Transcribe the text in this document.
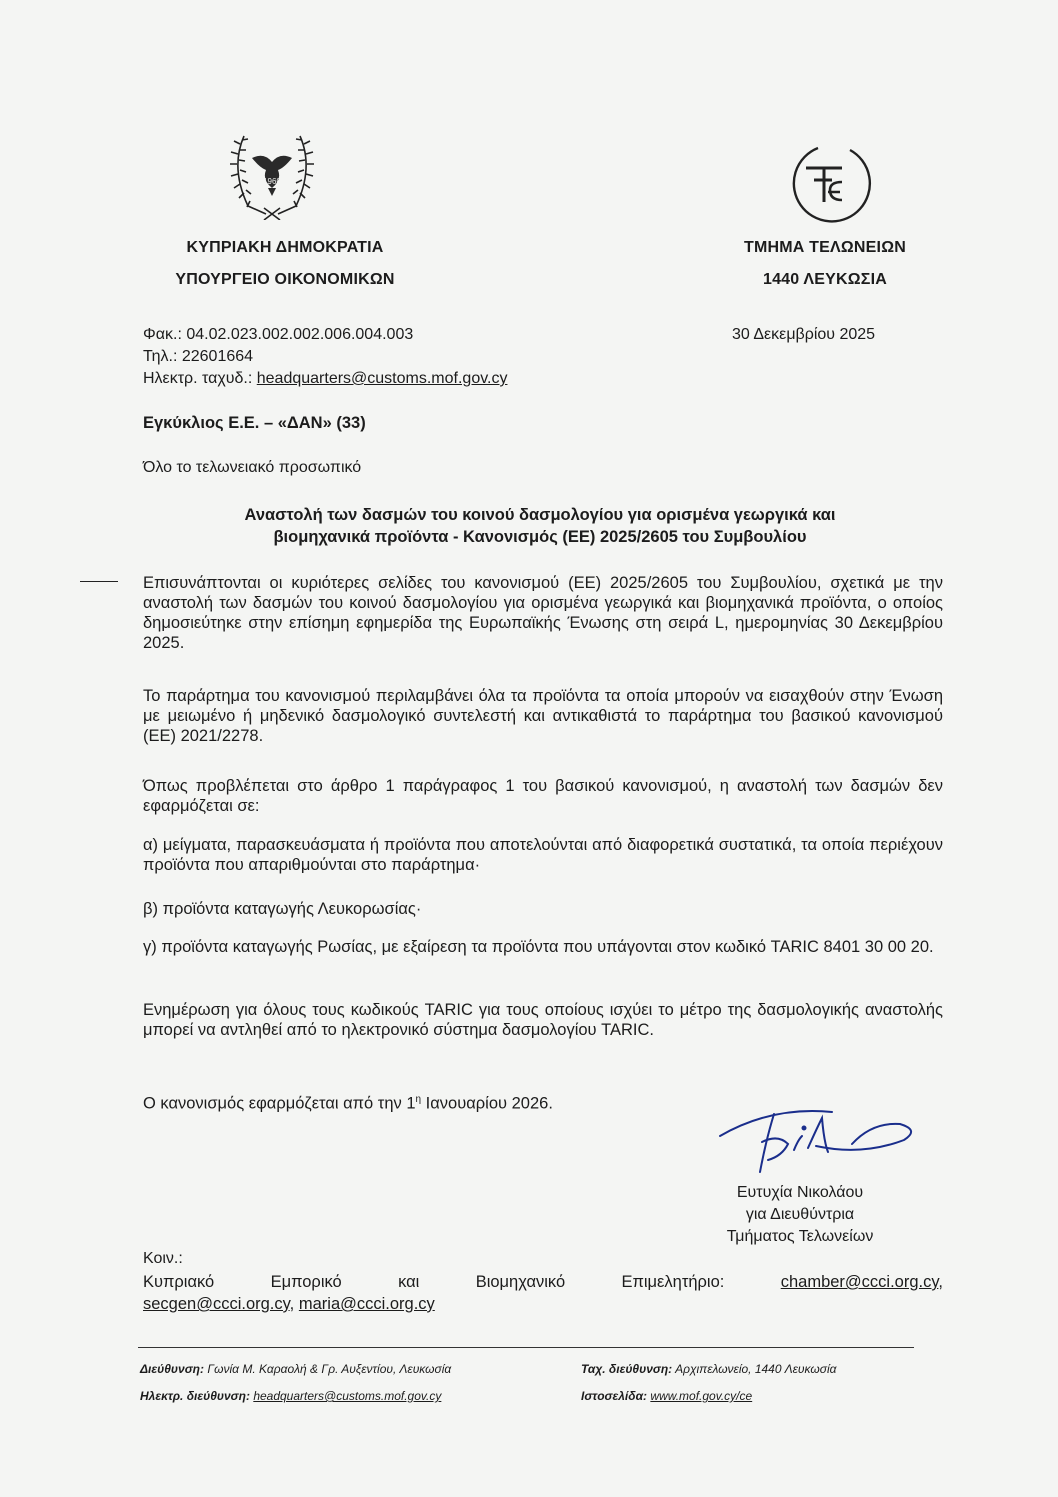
1960
ΚΥΠΡΙΑΚΗ ΔΗΜΟΚΡΑΤΙΑ
ΥΠΟΥΡΓΕΙΟ ΟΙΚΟΝΟΜΙΚΩΝ
ΤΜΗΜΑ ΤΕΛΩΝΕΙΩΝ
1440 ΛΕΥΚΩΣΙΑ
Φακ.: 04.02.023.002.002.006.004.003
Τηλ.: 22601664
Ηλεκτρ. ταχυδ.: headquarters@customs.mof.gov.cy
30 Δεκεμβρίου 2025
Εγκύκλιος Ε.Ε. – «ΔΑΝ» (33)
Όλο το τελωνειακό προσωπικό
Αναστολή των δασμών του κοινού δασμολογίου για ορισμένα γεωργικά και
βιομηχανικά προϊόντα - Κανονισμός (ΕΕ) 2025/2605 του Συμβουλίου
Επισυνάπτονται οι κυριότερες σελίδες του κανονισμού (ΕΕ) 2025/2605 του Συμβουλίου, σχετικά με την αναστολή των δασμών του κοινού δασμολογίου για ορισμένα γεωργικά και βιομηχανικά προϊόντα, ο οποίος δημοσιεύτηκε στην επίσημη εφημερίδα της Ευρωπαϊκής Ένωσης στη σειρά L, ημερομηνίας 30 Δεκεμβρίου 2025.
Το παράρτημα του κανονισμού περιλαμβάνει όλα τα προϊόντα τα οποία μπορούν να εισαχθούν στην Ένωση με μειωμένο ή μηδενικό δασμολογικό συντελεστή και αντικαθιστά το παράρτημα του βασικού κανονισμού (ΕΕ) 2021/2278.
Όπως προβλέπεται στο άρθρο 1 παράγραφος 1 του βασικού κανονισμού, η αναστολή των δασμών δεν εφαρμόζεται σε:
α) μείγματα, παρασκευάσματα ή προϊόντα που αποτελούνται από διαφορετικά συστατικά, τα οποία περιέχουν προϊόντα που απαριθμούνται στο παράρτημα·
β) προϊόντα καταγωγής Λευκορωσίας·
γ) προϊόντα καταγωγής Ρωσίας, με εξαίρεση τα προϊόντα που υπάγονται στον κωδικό TARIC 8401 30 00 20.
Ενημέρωση για όλους τους κωδικούς TARIC για τους οποίους ισχύει το μέτρο της δασμολογικής αναστολής μπορεί να αντληθεί από το ηλεκτρονικό σύστημα δασμολογίου TARIC.
Ο κανονισμός εφαρμόζεται από την $1^\eta$ Ιανουαρίου 2026.
Ευτυχία Νικολάου
για Διευθύντρια
Τμήματος Τελωνείων
Κοιν.:
Κυπριακό	Εμπορικό	και	Βιομηχανικό	Επιμελητήριο:	chamber@ccci.org.cy,
secgen@ccci.org.cy, maria@ccci.org.cy
Διεύθυνση: Γωνία Μ. Καραολή & Γρ. Αυξεντίου, Λευκωσία
Ηλεκτρ. διεύθυνση: headquarters@customs.mof.gov.cy
Ταχ. διεύθυνση: Αρχιπελωνείο, 1440 Λευκωσία
Ιστοσελίδα: www.mof.gov.cy/ce
